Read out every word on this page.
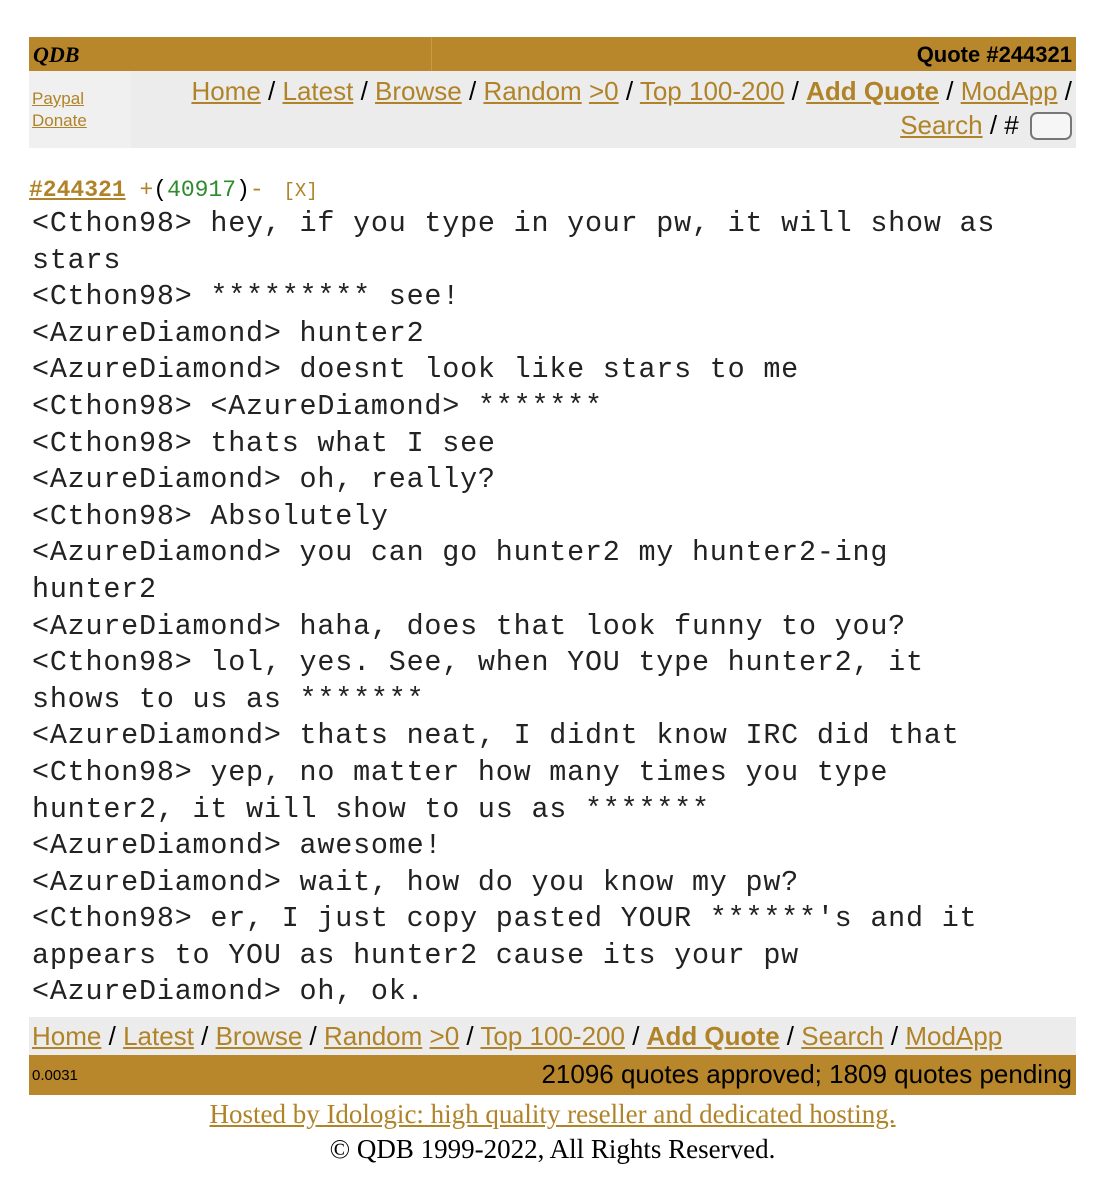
QDB	Quote #244321
Paypal
Donate
Home / Latest / Browse / Random >0 / Top 100-200 / Add Quote / ModApp /
Search / #
#244321 +(40917)- [X]
<Cthon98> hey, if you type in your pw, it will show as
stars
<Cthon98> ********* see!
<AzureDiamond> hunter2
<AzureDiamond> doesnt look like stars to me
<Cthon98> <AzureDiamond> *******
<Cthon98> thats what I see
<AzureDiamond> oh, really?
<Cthon98> Absolutely
<AzureDiamond> you can go hunter2 my hunter2-ing
hunter2
<AzureDiamond> haha, does that look funny to you?
<Cthon98> lol, yes. See, when YOU type hunter2, it
shows to us as *******
<AzureDiamond> thats neat, I didnt know IRC did that
<Cthon98> yep, no matter how many times you type
hunter2, it will show to us as *******
<AzureDiamond> awesome!
<AzureDiamond> wait, how do you know my pw?
<Cthon98> er, I just copy pasted YOUR ******'s and it
appears to YOU as hunter2 cause its your pw
<AzureDiamond> oh, ok.
Home / Latest / Browse / Random >0 / Top 100-200 / Add Quote / Search / ModApp
0.0031	21096 quotes approved; 1809 quotes pending
Hosted by Idologic: high quality reseller and dedicated hosting.
© QDB 1999-2022, All Rights Reserved.
